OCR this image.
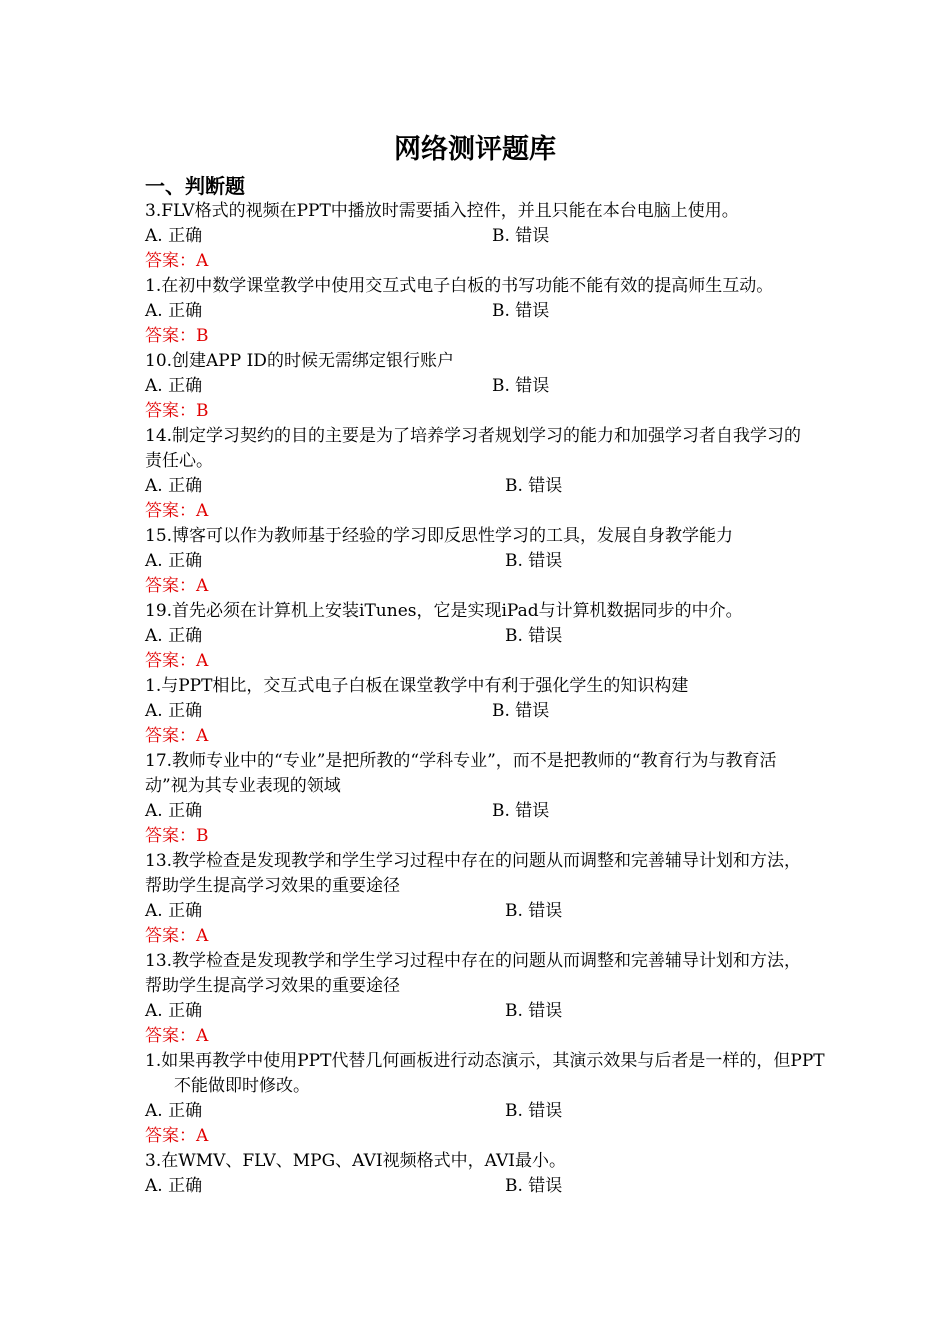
网络测评题库
一、判断题
3.FLV格式的视频在PPT中播放时需要插入控件，并且只能在本台电脑上使用。
A. 正确	B. 错误
答案：A
1.在初中数学课堂教学中使用交互式电子白板的书写功能不能有效的提高师生互动。
A. 正确	B. 错误
答案：B
10.创建APP ID的时候无需绑定银行账户
A. 正确	B. 错误
答案：B
14.制定学习契约的目的主要是为了培养学习者规划学习的能力和加强学习者自我学习的责任心。
A. 正确	B. 错误
答案：A
15.博客可以作为教师基于经验的学习即反思性学习的工具，发展自身教学能力
A. 正确	B. 错误
答案：A
19.首先必须在计算机上安装iTunes，它是实现iPad与计算机数据同步的中介。
A. 正确	B. 错误
答案：A
1.与PPT相比，交互式电子白板在课堂教学中有利于强化学生的知识构建
A. 正确	B. 错误
答案：A
17.教师专业中的“专业”是把所教的“学科专业”，而不是把教师的“教育行为与教育活动”视为其专业表现的领域
A. 正确	B. 错误
答案：B
13.教学检查是发现教学和学生学习过程中存在的问题从而调整和完善辅导计划和方法，帮助学生提高学习效果的重要途径
A. 正确	B. 错误
答案：A
13.教学检查是发现教学和学生学习过程中存在的问题从而调整和完善辅导计划和方法，帮助学生提高学习效果的重要途径
A. 正确	B. 错误
答案：A
1.如果再教学中使用PPT代替几何画板进行动态演示，其演示效果与后者是一样的，但PPT不能做即时修改。
A. 正确	B. 错误
答案：A
3.在WMV、FLV、MPG、AVI视频格式中，AVI最小。
A. 正确	B. 错误
